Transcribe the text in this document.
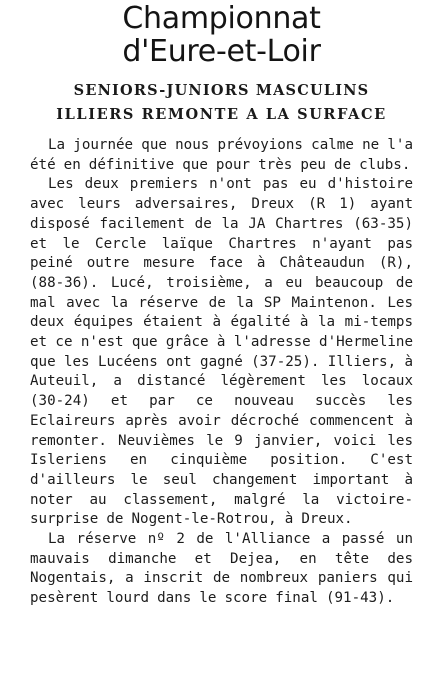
Championnat
d'Eure-et-Loir
SENIORS-JUNIORS MASCULINS
ILLIERS REMONTE A LA SURFACE

La journée que nous prévoyions calme ne l'a été en définitive que pour très peu de clubs.

Les deux premiers n'ont pas eu d'histoire avec leurs adversaires, Dreux (R 1) ayant disposé facilement de la JA Chartres (63-35) et le Cercle laïque Chartres n'ayant pas peiné outre mesure face à Châteaudun (R), (88-36). Lucé, troisième, a eu beaucoup de mal avec la réserve de la SP Maintenon. Les deux équipes étaient à égalité à la mi-temps et ce n'est que grâce à l'adresse d'Hermeline que les Lucéens ont gagné (37-25). Illiers, à Auteuil, a distancé légèrement les locaux (30-24) et par ce nouveau succès les Eclaireurs après avoir décroché commencent à remonter. Neuvièmes le 9 janvier, voici les Isleriens en cinquième position. C'est d'ailleurs le seul changement important à noter au classement, malgré la victoire-surprise de Nogent-le-Rotrou, à Dreux.

La réserve nº 2 de l'Alliance a passé un mauvais dimanche et Dejea, en tête des Nogentais, a inscrit de nombreux paniers qui pesèrent lourd dans le score final (91-43).
